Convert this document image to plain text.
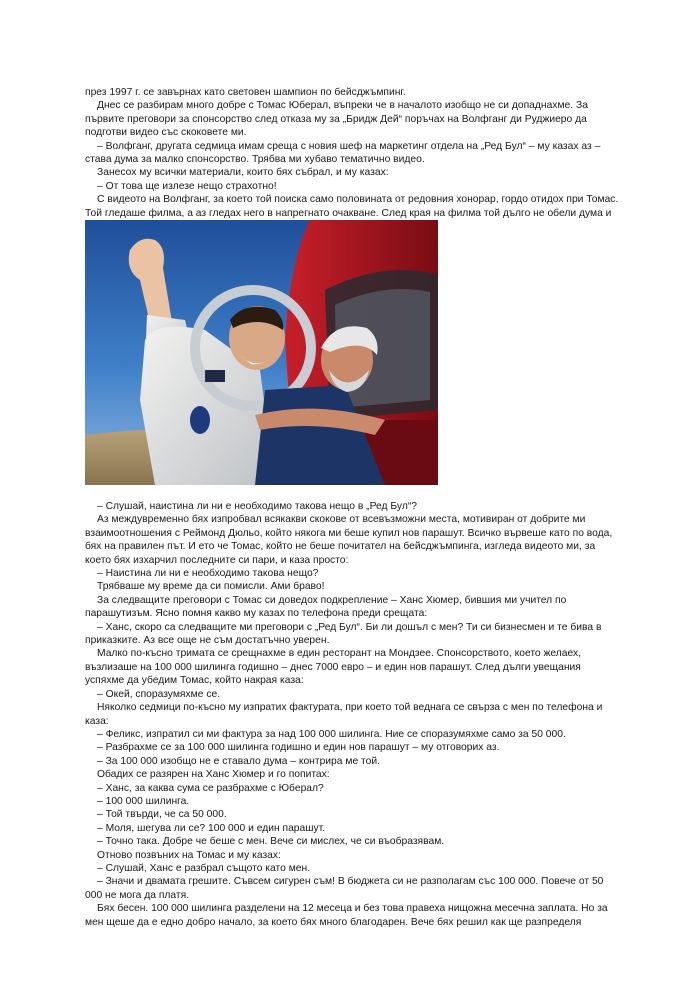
през 1997 г. се завърнах като световен шампион по бейсджъмпинг.

Днес се разбирам много добре с Томас Юберал, въпреки че в началото изобщо не си допаднахме. За първите преговори за спонсорство след отказа му за „Бридж Дей“ поръчах на Волфганг ди Руджиеро да подготви видео със скоковете ми.

– Волфганг, другата седмица имам среща с новия шеф на маркетинг отдела на „Ред Бул“ – му казах аз – става дума за малко спонсорство. Трябва ми хубаво тематично видео.

Занесох му всички материали, които бях събрал, и му казах:

– От това ще излезе нещо страхотно!

С видеото на Волфганг, за което той поиска само половината от редовния хонорар, гордо отидох при Томас. Той гледаше филма, а аз гледах него в напрегнато очакване. След края на филма той дълго не обели дума и

– Слушай, наистина ли ни е необходимо такова нещо в „Ред Бул“?

Аз междувременно бях изпробвал всякакви скокове от всевъзможни места, мотивиран от добрите ми взаимоотношения с Реймонд Дюльо, който някога ми беше купил нов парашут. Всичко вървеше като по вода, бях на правилен път. И ето че Томас, който не беше почитател на бейсджъмпинга, изгледа видеото ми, за което бях изхарчил последните си пари, и каза просто:

– Наистина ли ни е необходимо такова нещо?

Трябваше му време да си помисли. Ами браво!

За следващите преговори с Томас си доведох подкрепление – Ханс Хюмер, бившия ми учител по парашутизъм. Ясно помня какво му казах по телефона преди срещата:

– Ханс, скоро са следващите ми преговори с „Ред Бул“. Би ли дошъл с мен? Ти си бизнесмен и те бива в приказките. Аз все още не съм достатъчно уверен.

Малко по-късно тримата се срещнахме в един ресторант на Мондзее. Спонсорството, което желаех, възлизаше на 100 000 шилинга годишно – днес 7000 евро – и един нов парашут. След дълги увещания успяхме да убедим Томас, който накрая каза:

– Окей, споразумяхме се.

Няколко седмици по-късно му изпратих фактурата, при което той веднага се свърза с мен по телефона и каза:

– Феликс, изпратил си ми фактура за над 100 000 шилинга. Ние се споразумяхме само за 50 000.

– Разбрахме се за 100 000 шилинга годишно и един нов парашут – му отговорих аз.

– За 100 000 изобщо не е ставало дума – контрира ме той.

Обадих се разярен на Ханс Хюмер и го попитах:

– Ханс, за каква сума се разбрахме с Юберал?

– 100 000 шилинга.

– Той твърди, че са 50 000.

– Моля, шегува ли се? 100 000 и един парашут.

– Точно така. Добре че беше с мен. Вече си мислех, че си въобразявам.

Отново позвъних на Томас и му казах:

– Слушай, Ханс е разбрал същото като мен.

– Значи и двамата грешите. Съвсем сигурен съм! В бюджета си не разполагам със 100 000. Повече от 50 000 не мога да платя.

Бях бесен. 100 000 шилинга разделени на 12 месеца и без това правеха нищожна месечна заплата. Но за мен щеше да е едно добро начало, за което бях много благодарен. Вече бях решил как ще разпределя
